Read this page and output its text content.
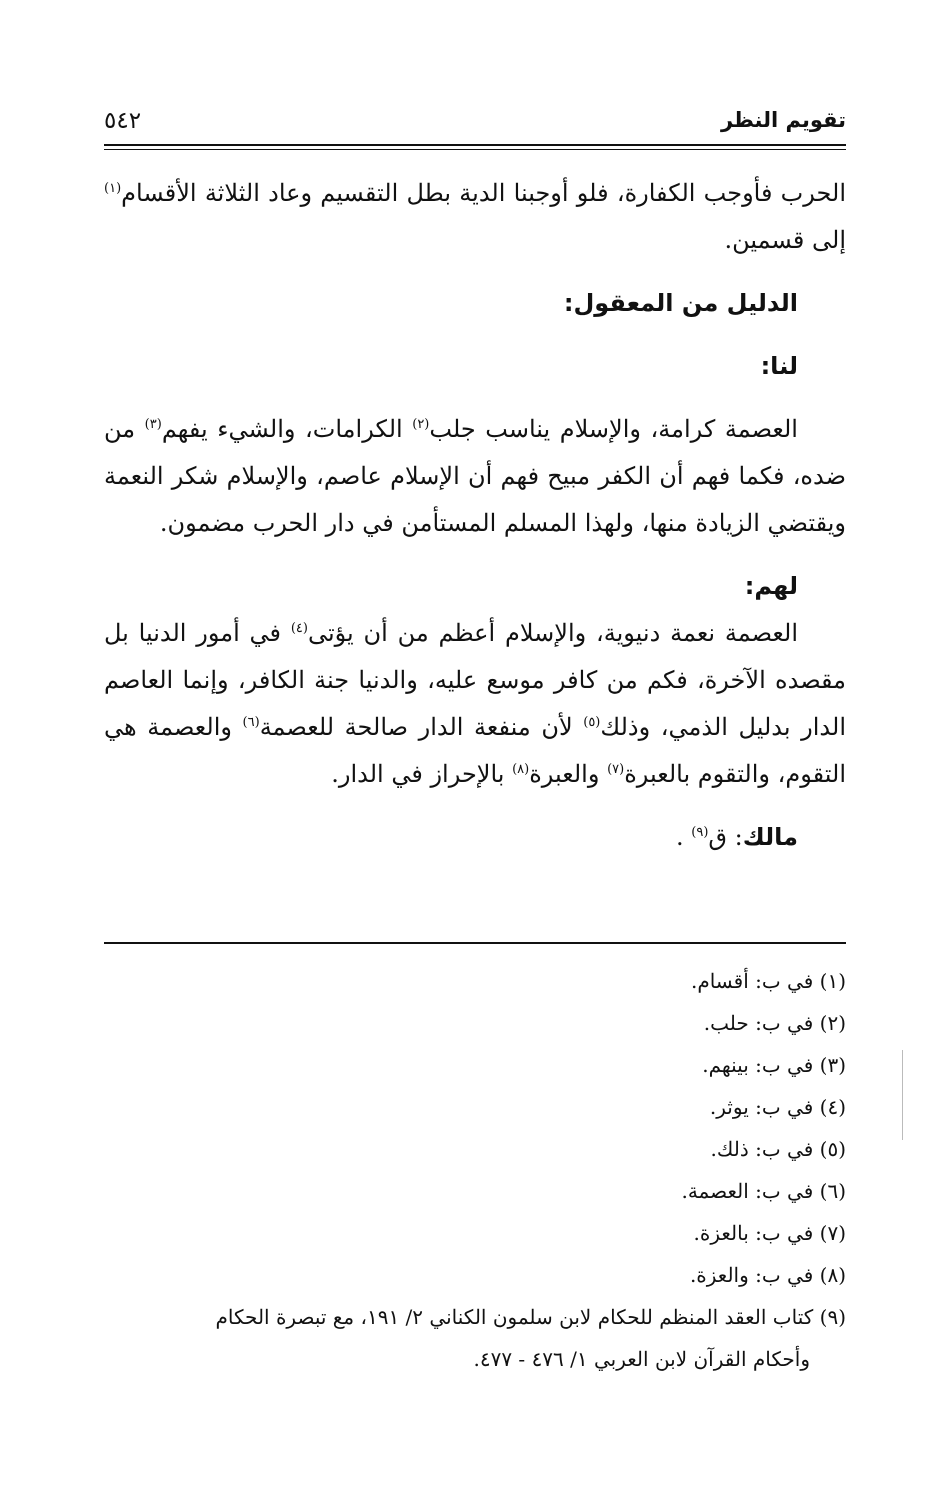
تقويم النظر
٥٤٢

الحرب فأوجب الكفارة، فلو أوجبنا الدية بطل التقسيم وعاد الثلاثة الأقسام$^{(١)}$ إلى قسمين.

الدليل من المعقول:

لنا:

العصمة كرامة، والإسلام يناسب جلب$^{(٢)}$ الكرامات، والشيء يفهم$^{(٣)}$ من ضده، فكما فهم أن الكفر مبيح فهم أن الإسلام عاصم، والإسلام شكر النعمة ويقتضي الزيادة منها، ولهذا المسلم المستأمن في دار الحرب مضمون.

لهم:

العصمة نعمة دنيوية، والإسلام أعظم من أن يؤتى$^{(٤)}$ في أمور الدنيا بل مقصده الآخرة، فكم من كافر موسع عليه، والدنيا جنة الكافر، وإنما العاصم الدار بدليل الذمي، وذلك$^{(٥)}$ لأن منفعة الدار صالحة للعصمة$^{(٦)}$ والعصمة هي التقوم، والتقوم بالعبرة$^{(٧)}$ والعبرة$^{(٨)}$ بالإحراز في الدار.

مالك: ق$^{(٩)}$ .

(١) في ب: أقسام.

(٢) في ب: حلب.

(٣) في ب: بينهم.

(٤) في ب: يوثر.

(٥) في ب: ذلك.

(٦) في ب: العصمة.

(٧) في ب: بالعزة.

(٨) في ب: والعزة.

(٩) كتاب العقد المنظم للحكام لابن سلمون الكناني ٢/ ١٩١، مع تبصرة الحكام

وأحكام القرآن لابن العربي ١/ ٤٧٦ - ٤٧٧.
